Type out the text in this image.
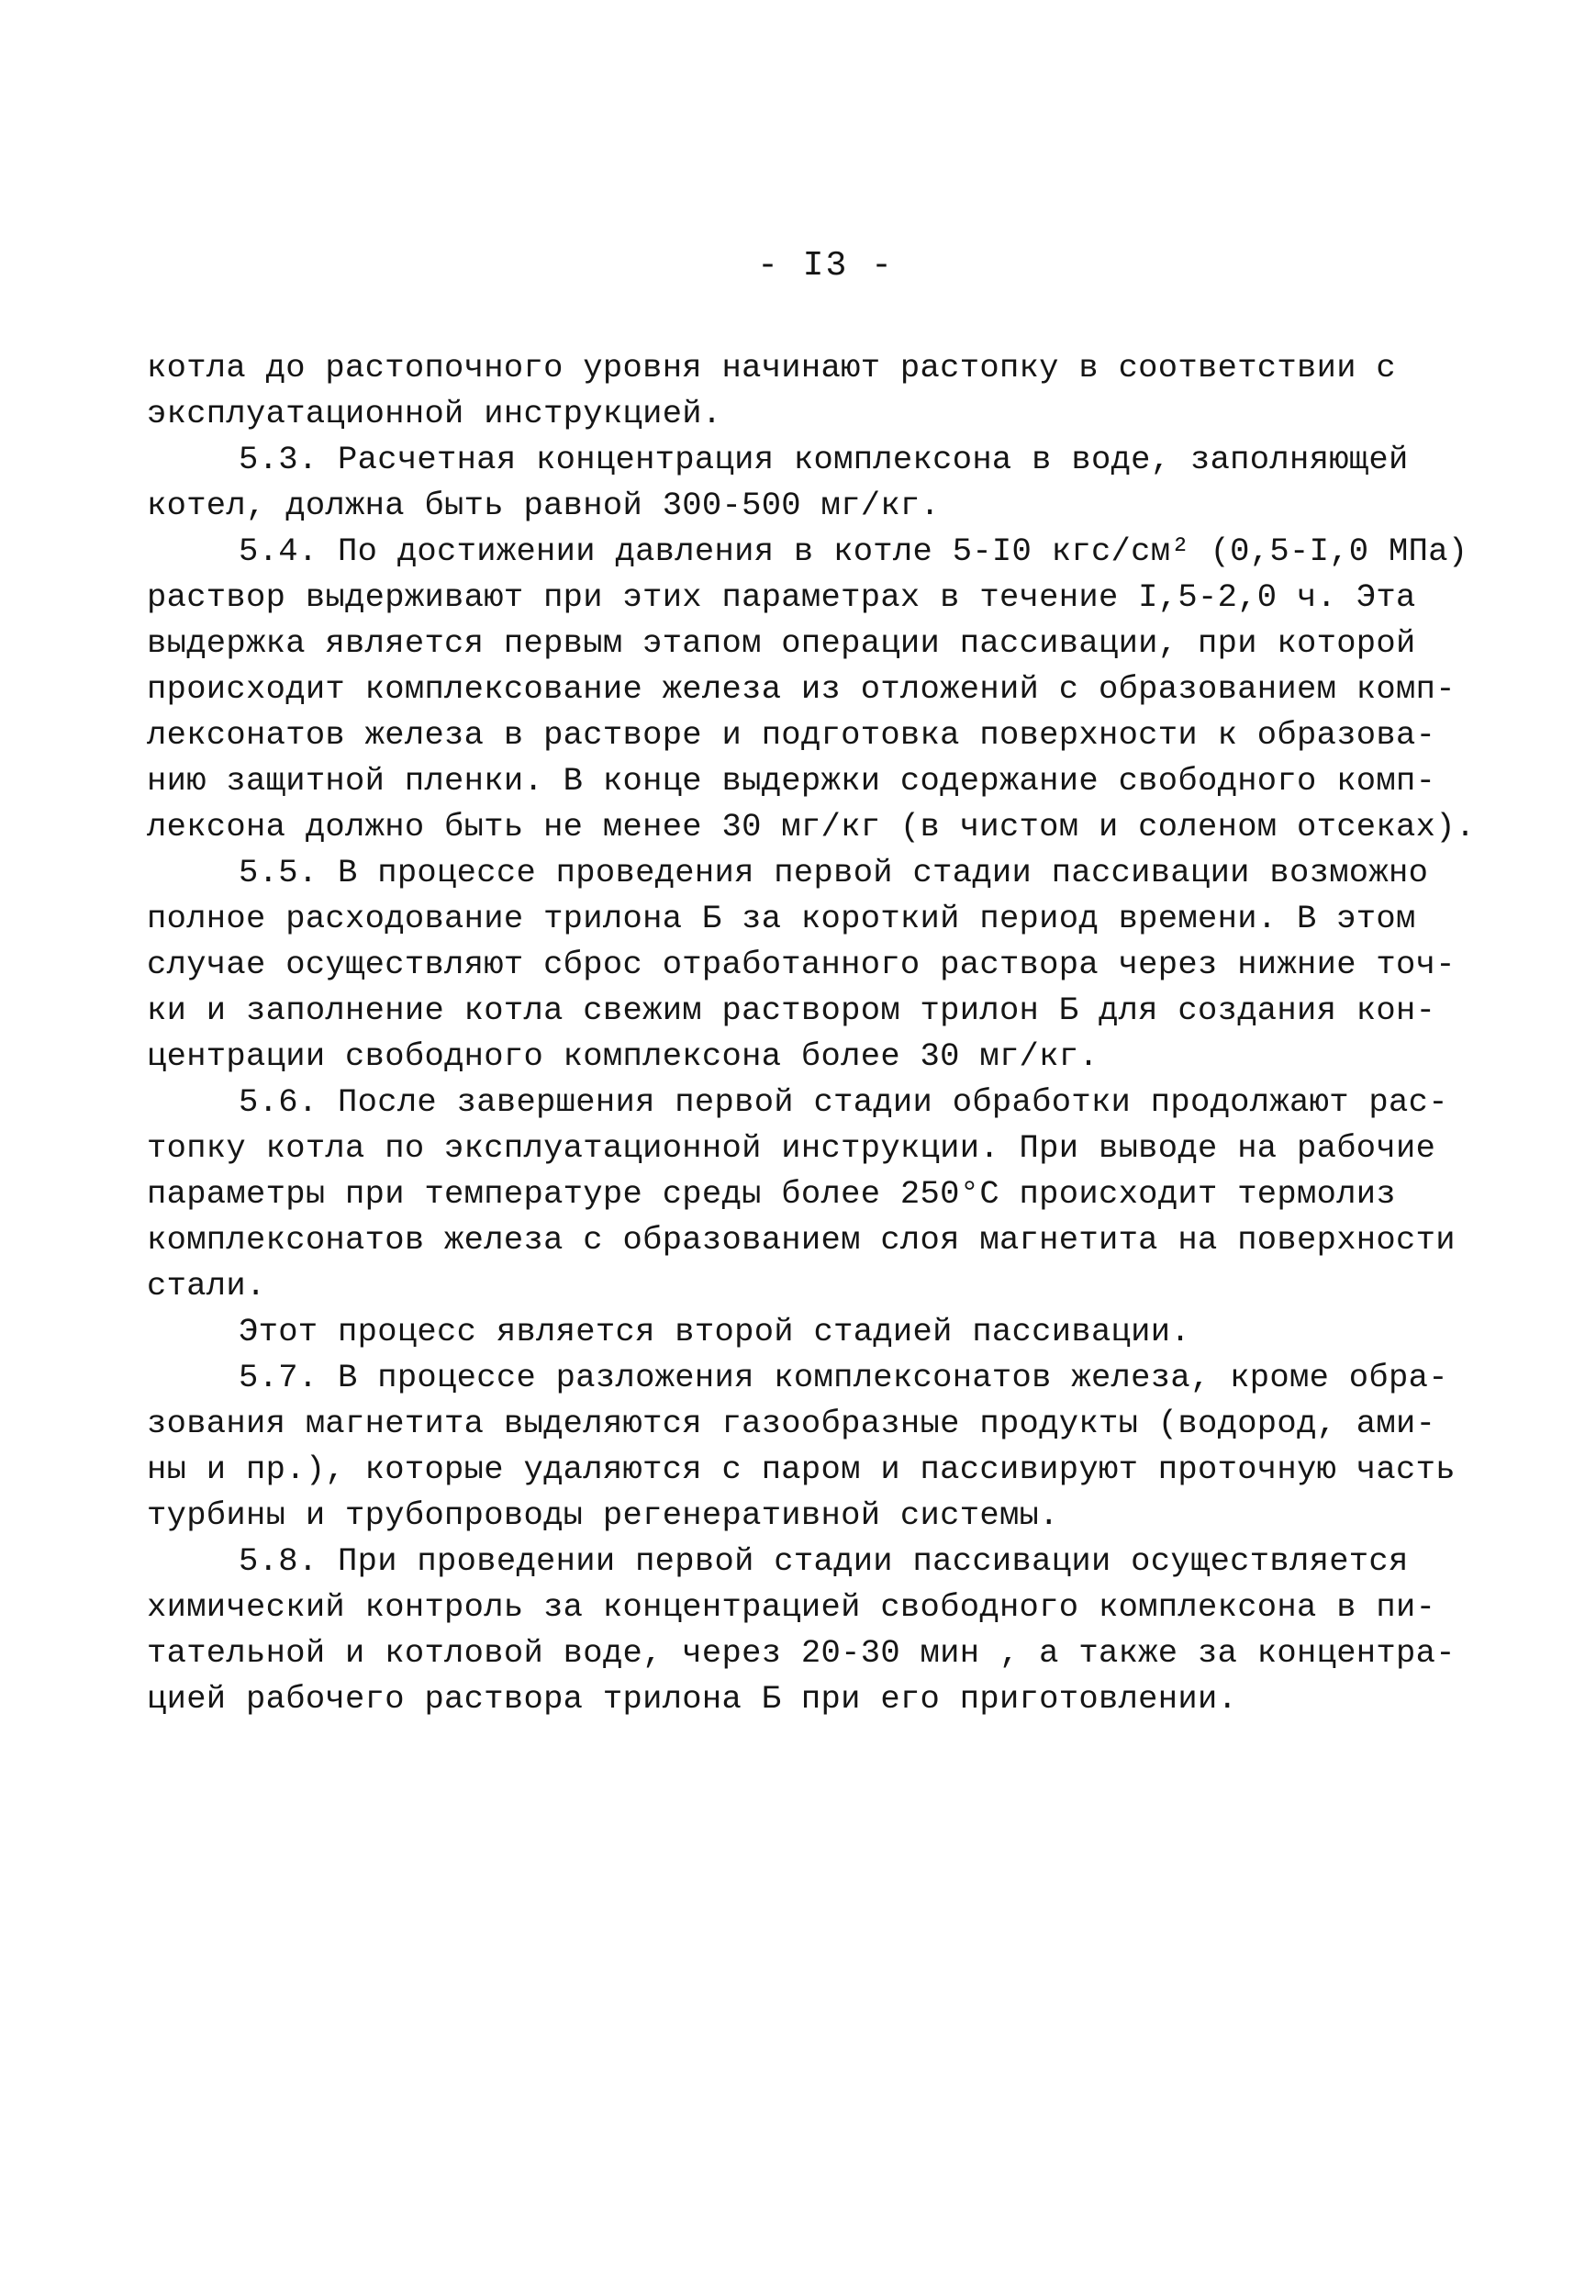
- I3 -
котла до растопочного уровня начинают растопку в соответствии с
эксплуатационной инструкцией.
5.3. Расчетная концентрация комплексона в воде, заполняющей
котел, должна быть равной 300-500 мг/кг.
5.4. По достижении давления в котле 5-I0 кгс/см² (0,5-I,0 МПа)
раствор выдерживают при этих параметрах в течение I,5-2,0 ч. Эта
выдержка является первым этапом операции пассивации, при которой
происходит комплексование железа из отложений с образованием комп-
лексонатов железа в растворе и подготовка поверхности к образова-
нию защитной пленки. В конце выдержки содержание свободного комп-
лексона должно быть не менее 30 мг/кг (в чистом и соленом отсеках).
5.5. В процессе проведения первой стадии пассивации возможно
полное расходование трилона Б за короткий период времени. В этом
случае осуществляют сброс отработанного раствора через нижние точ-
ки и заполнение котла свежим раствором трилон Б для создания кон-
центрации свободного комплексона более 30 мг/кг.
5.6. После завершения первой стадии обработки продолжают рас-
топку котла по эксплуатационной инструкции. При выводе на рабочие
параметры при температуре среды более 250°С происходит термолиз
комплексонатов железа с образованием слоя магнетита на поверхности
стали.
Этот процесс является второй стадией пассивации.
5.7. В процессе разложения комплексонатов железа, кроме обра-
зования магнетита выделяются газообразные продукты (водород, ами-
ны и пр.), которые удаляются с паром и пассивируют проточную часть
турбины и трубопроводы регенеративной системы.
5.8. При проведении первой стадии пассивации осуществляется
химический контроль за концентрацией свободного комплексона в пи-
тательной и котловой воде, через 20-30 мин , а также за концентра-
цией рабочего раствора трилона Б при его приготовлении.
